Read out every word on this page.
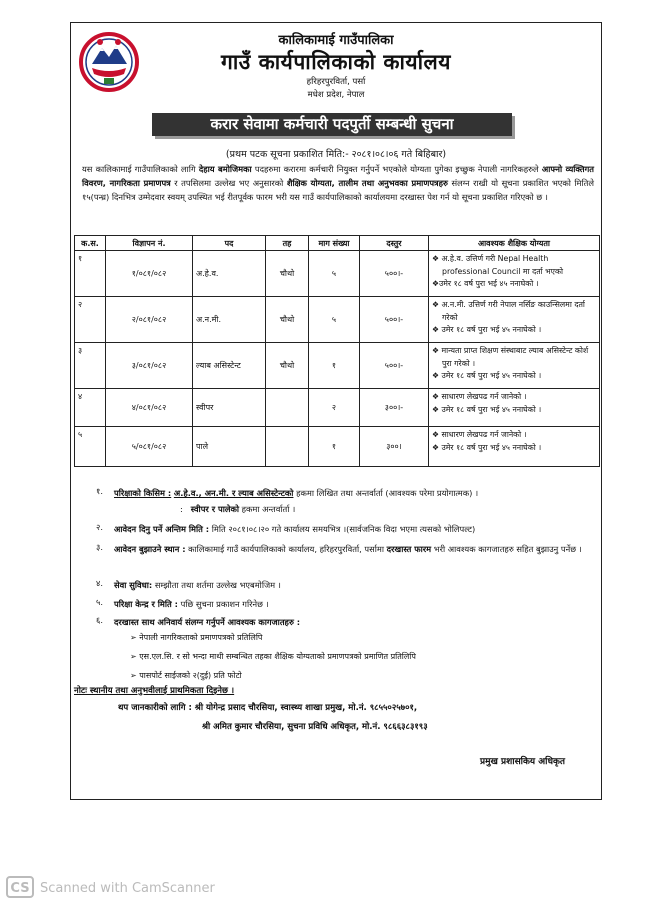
कालिकामाई गाउँपालिका
गाउँ कार्यपालिकाको कार्यालय
हरिहरपुरविर्ता, पर्सा
मधेश प्रदेश, नेपाल
करार सेवामा कर्मचारी पदपुर्ती सम्बन्धी सुचना
(प्रथम पटक सूचना प्रकाशित मिति:- २०८१।०८।०६ गते बिहिबार)
यस कालिकामाई गाउँपालिकाको लागि देहाय बमोजिमका पदहरुमा करारमा कर्मचारी नियुक्त गर्नुपर्ने भएकोले योग्यता पुगेका इच्छुक नेपाली नागरिकहरुले आफ्नो व्यक्तिगत विवरण, नागरिकता प्रमाणपत्र र तपसिलमा उल्लेख भए अनुसारको शैक्षिक योग्यता, तालीम तथा अनुभवका प्रमाणपत्रहरु संलग्न राखी यो सूचना प्रकाशित भएको मितिले १५(पन्ध्र) दिनभित्र उम्मेदवार स्वयम् उपस्थित भई रीतपूर्वक फारम भरी यस गाउँ कार्यपालिकाको कार्यालयमा दरखास्त पेश गर्न यो सूचना प्रकाशित गरिएको छ ।
क.स.	विज्ञापन नं.	पद	तह	माग संख्या	दस्तुर	आवश्यक शैक्षिक योग्यता
१	१/०८१/०८२	अ.हे.व.	चौथो	५	५००।-	❖ अ.हे.व. उत्तिर्ण गरी Nepal Health professional Council मा दर्ता भएको
❖उमेर १८ वर्ष पुरा भई ४५ ननाघेको ।

२	२/०८१/०८२	अ.न.मी.	चौथो	५	५००।-	❖ अ.न.मी. उत्तिर्ण गरी नेपाल नर्सिङ काउन्सिलमा दर्ता गरेको
❖ उमेर १८ वर्ष पुरा भई ४५ ननाघेको ।

३	३/०८१/०८२	ल्याब असिस्टेन्ट	चौथो	१	५००।-	❖ मान्यता प्राप्त शिक्षण संस्थाबाट ल्याब असिस्टेन्ट कोर्श पुरा गरेको ।
❖ उमेर १८ वर्ष पुरा भई ४५ ननाघेको ।

४	४/०८१/०८२	स्वीपर		२	३००।-	❖ साधारण लेखपढ गर्न जानेको ।
❖ उमेर १८ वर्ष पुरा भई ४५ ननाघेको ।

५	५/०८१/०८२	पाले		१	३००।	❖ साधारण लेखपढ गर्न जानेको ।
❖ उमेर १८ वर्ष पुरा भई ४५ ननाघेको ।
१.	परिक्षाको किसिम : अ.हे.व., अन.मी. र ल्याब असिस्टेन्टको हकमा लिखित तथा अन्तर्वार्ता (आवश्यक परेमा प्रयोगात्मक) ।
: स्वीपर र पालेको हकमा अन्तर्वार्ता ।
२.	आवेदन दिनु पर्ने अन्तिम मिति : मिति २०८१।०८।२० गते कार्यालय समयभित्र ।(सार्वजनिक विदा भएमा त्यसको भोलिपल्ट)
३.	आवेदन बुझाउने स्थान : कालिकामाई गाउँ कार्यपालिकाको कार्यालय, हरिहरपुरविर्ता, पर्सामा दरखास्त फारम भरी आवश्यक कागजातहरु सहित बुझाउनु पर्नेछ ।
४.	सेवा सुविधा: सम्झौता तथा शर्तमा उल्लेख भएबमोजिम ।
५.	परिक्षा केन्द्र र मिति : पछि सुचना प्रकाशन गरिनेछ ।
६.	दरखास्त साथ अनिवार्य संलग्न गर्नुपर्ने आवश्यक कागजातहरु :
➢ नेपाली नागरिकताको प्रमाणपत्रको प्रतिलिपि
➢ एस.एल.सि. र सो भन्दा माथी सम्बन्धित तहका शैक्षिक योग्यताको प्रमाणपत्रको प्रमाणित प्रतिलिपि
➢ पासपोर्ट साईजको २(दुई) प्रति फोटो
नोटः स्थानीय तथा अनुभवीलाई प्राथमिकता दिइनेछ ।
थप जानकारीको लागि : श्री योगेन्द्र प्रसाद चौरसिया, स्वास्थ्य शाखा प्रमुख, मो.नं. ९८५५०२५७०१,
श्री अमित कुमार चौरसिया, सुचना प्रविधि अधिकृत, मो.नं. ९८६६३८३१९३
प्रमुख प्रशासकिय अधिकृत
CS Scanned with CamScanner
